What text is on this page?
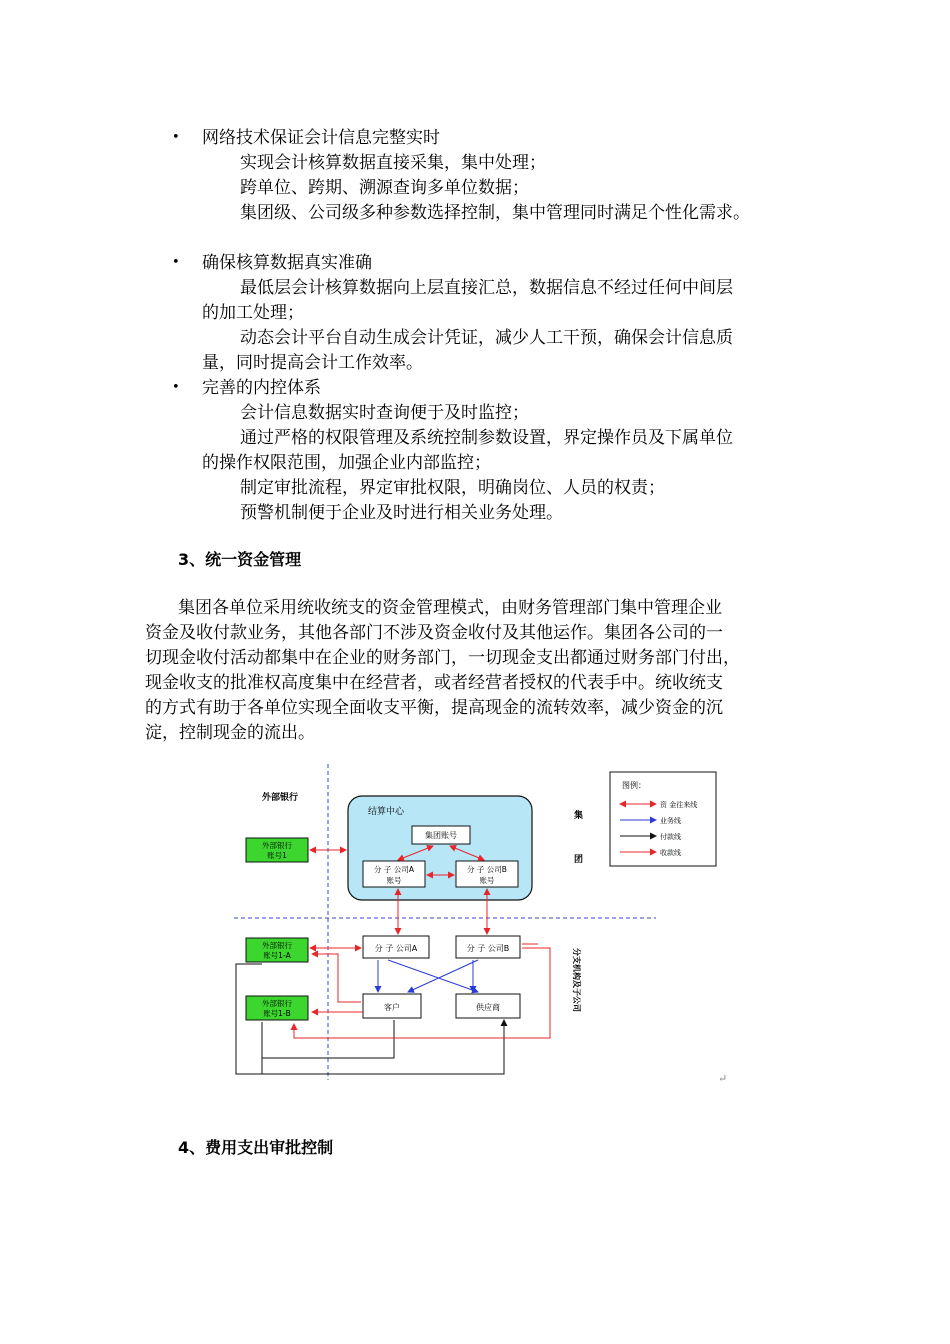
• 网络技术保证会计信息完整实时
实现会计核算数据直接采集，集中处理；
跨单位、跨期、溯源查询多单位数据；
集团级、公司级多种参数选择控制，集中管理同时满足个性化需求。
• 确保核算数据真实准确
最低层会计核算数据向上层直接汇总，数据信息不经过任何中间层
的加工处理；
动态会计平台自动生成会计凭证，减少人工干预，确保会计信息质
量，同时提高会计工作效率。
• 完善的内控体系
会计信息数据实时查询便于及时监控；
通过严格的权限管理及系统控制参数设置，界定操作员及下属单位
的操作权限范围，加强企业内部监控；
制定审批流程，界定审批权限，明确岗位、人员的权责；
预警机制便于企业及时进行相关业务处理。
3、统一资金管理
集团各单位采用统收统支的资金管理模式，由财务管理部门集中管理企业
资金及收付款业务，其他各部门不涉及资金收付及其他运作。集团各公司的一
切现金收付活动都集中在企业的财务部门，一切现金支出都通过财务部门付出，
现金收支的批准权高度集中在经营者，或者经营者授权的代表手中。统收统支
的方式有助于各单位实现全面收支平衡，提高现金的流转效率，减少资金的沉
淀，控制现金的流出。
外部银行
结算中心
集团账号
分 子 公司A
账号
分 子 公司B
账号
外部银行
账号1
集
团
图例：
资 金往来线
业务线
付款线
收款线
分 子 公司A	分 子 公司B
客户	供应商
外部银行
账号1-A
外部银行
账号1-B
分支机构及子公司
↵
4、费用支出审批控制
